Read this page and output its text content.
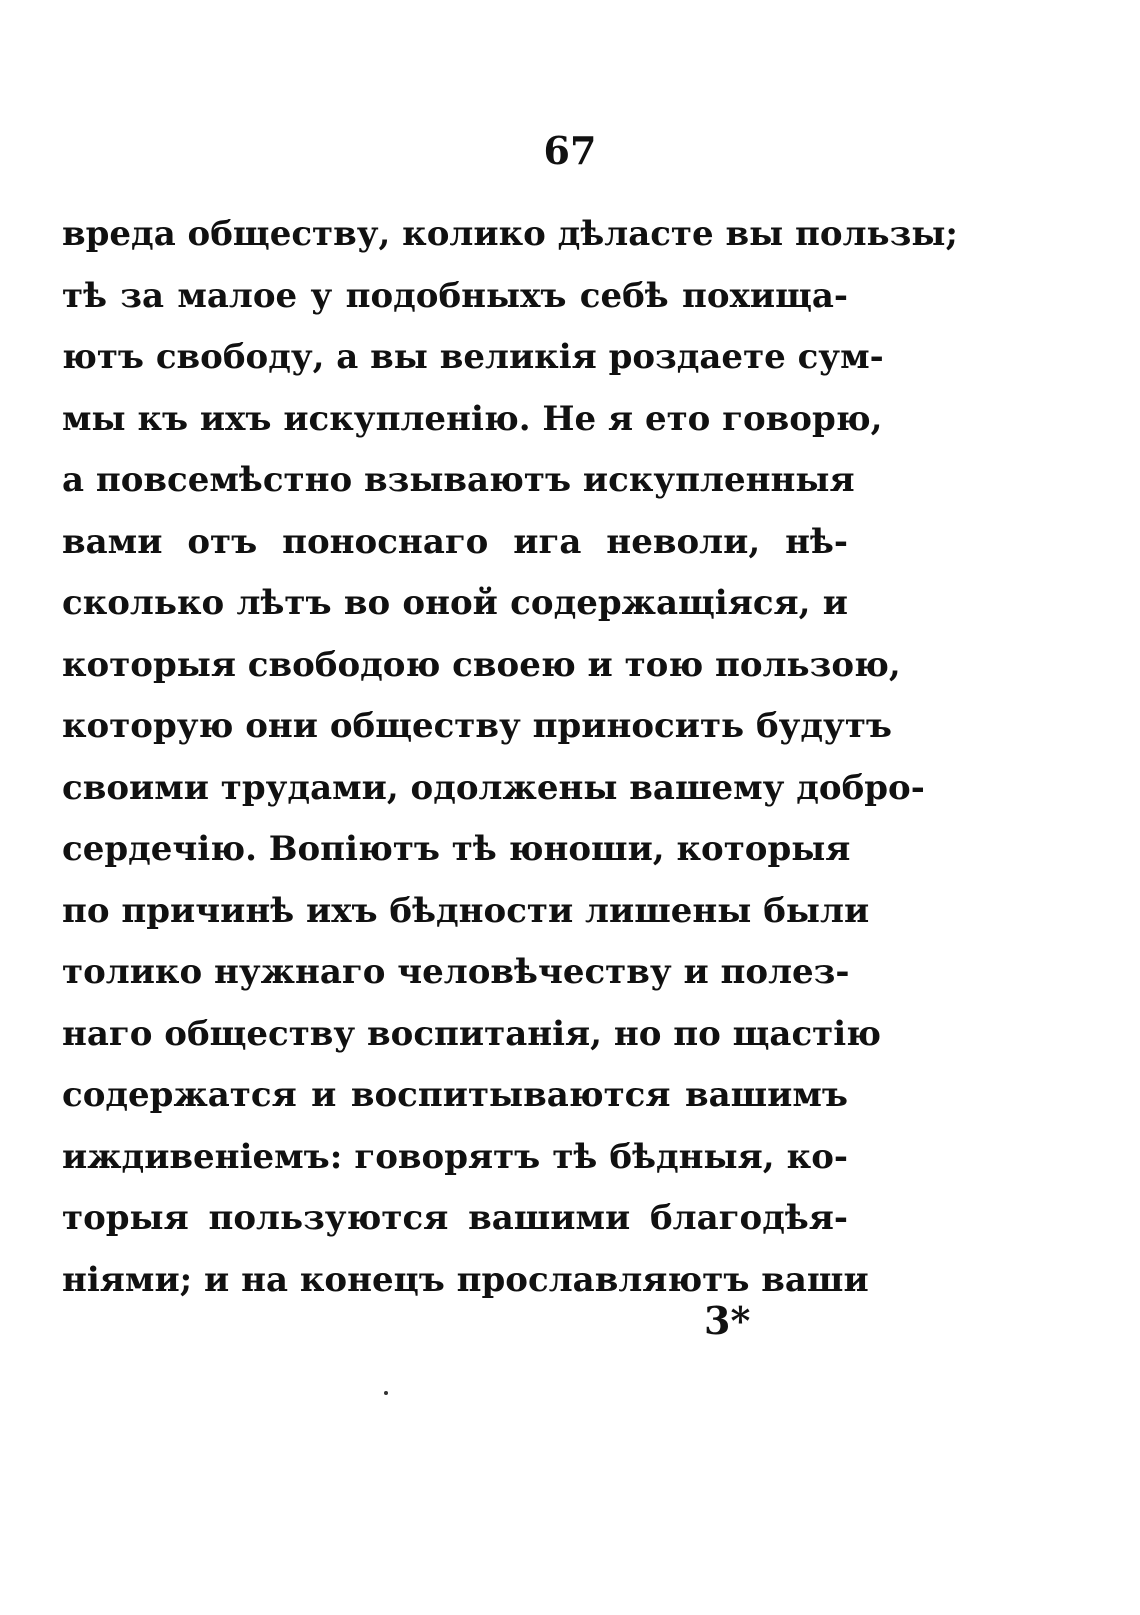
67
вреда обществу, колико дѣласте вы пользы;
тѣ за малое у подобныхъ себѣ похища-
ютъ свободу, а вы великія роздаете сум-
мы къ ихъ искупленію. Не я ето говорю,
а повсемѣстно взываютъ искупленныя
вами отъ поноснаго ига неволи, нѣ-
сколько лѣтъ во оной содержащіяся, и
которыя свободою своею и тою пользою,
которую они обществу приносить будутъ
своими трудами, одолжены вашему добро-
сердечію. Вопіютъ тѣ юноши, которыя
по причинѣ ихъ бѣдности лишены были
толико нужнаго человѣчеству и полез-
наго обществу воспитанія, но по щастію
содержатся и воспитываются вашимъ
иждивеніемъ: говорятъ тѣ бѣдныя, ко-
торыя пользуются вашими благодѣя-
ніями; и на конецъ прославляютъ ваши
3*
